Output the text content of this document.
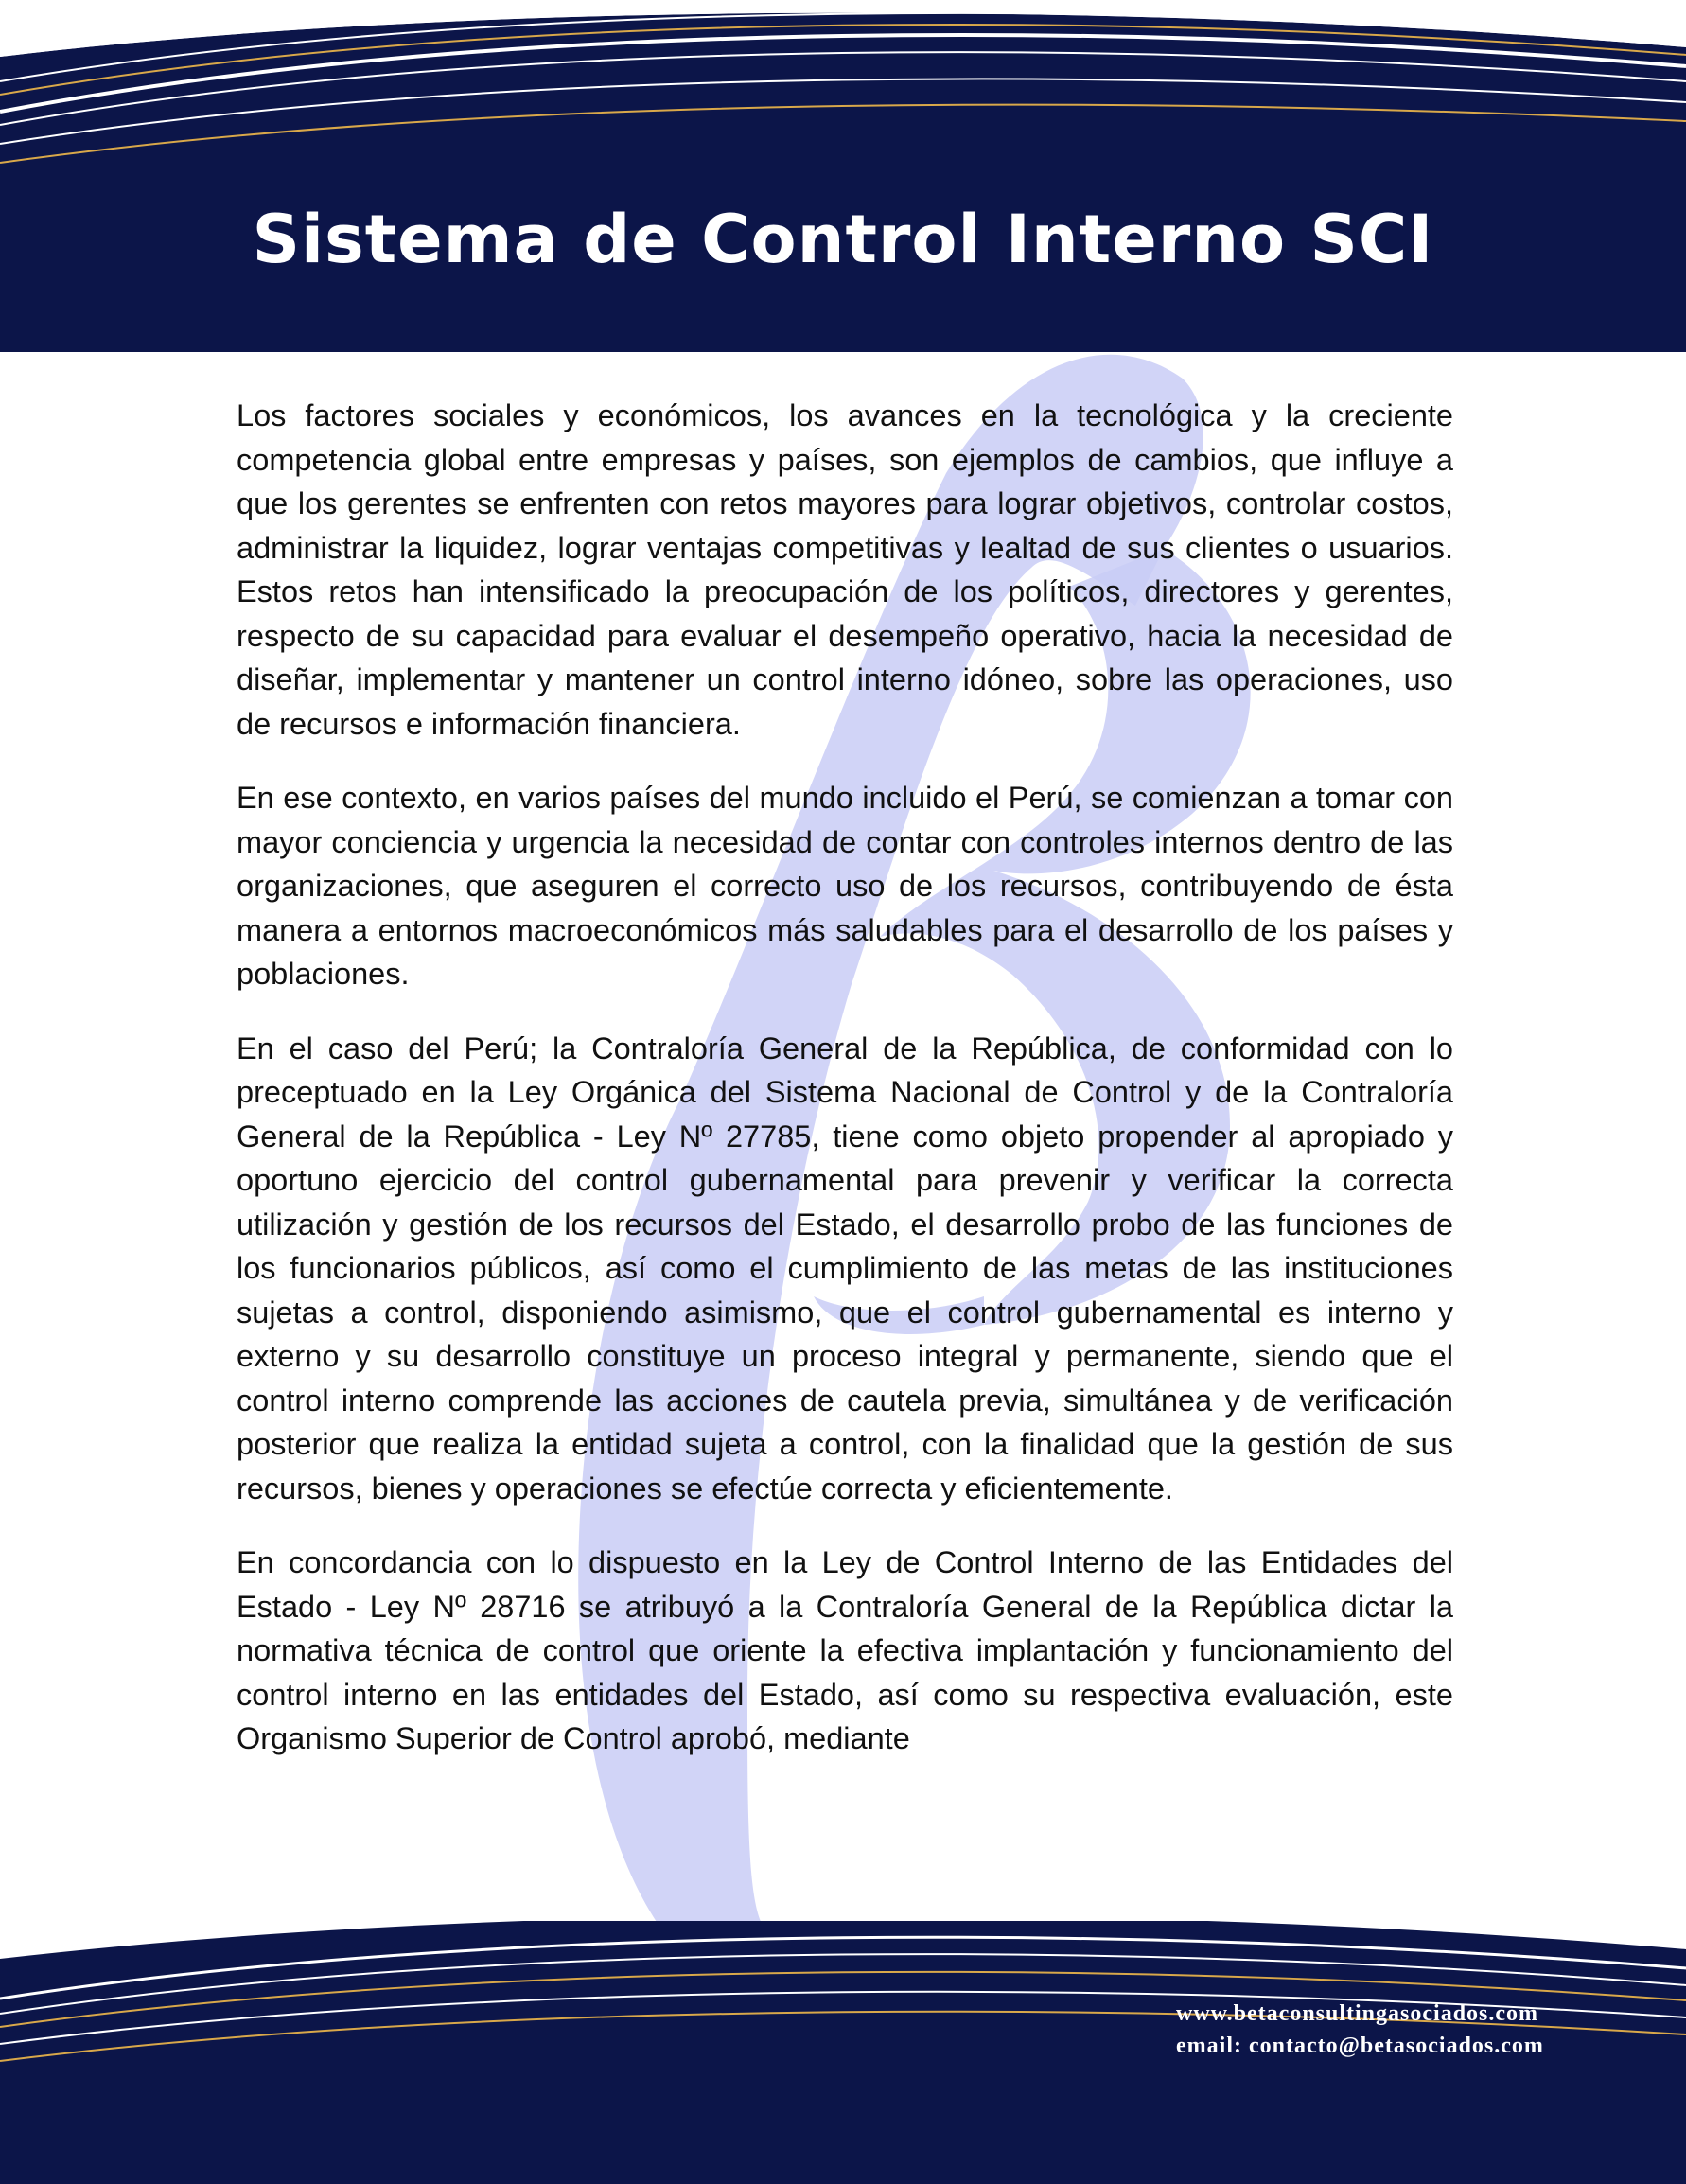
Sistema de Control Interno SCI

Los factores sociales y económicos, los avances en la tecnológica y la creciente competencia global entre empresas y países, son ejemplos de cambios, que influye a que los gerentes se enfrenten con retos mayores para lograr objetivos, controlar costos, administrar la liquidez, lograr ventajas competitivas y lealtad de sus clientes o usuarios. Estos retos han intensificado la preocupación de los políticos, directores y gerentes, respecto de su capacidad para evaluar el desempeño operativo, hacia la necesidad de diseñar, implementar y mantener un control interno idóneo, sobre las operaciones, uso de recursos e información financiera.

En ese contexto, en varios países del mundo incluido el Perú, se comienzan a tomar con mayor conciencia y urgencia la necesidad de contar con controles internos dentro de las organizaciones, que aseguren el correcto uso de los recursos, contribuyendo de ésta manera a entornos macroeconómicos más saludables para el desarrollo de los países y poblaciones.

En el caso del Perú; la Contraloría General de la República, de conformidad con lo preceptuado en la Ley Orgánica del Sistema Nacional de Control y de la Contraloría General de la República - Ley Nº 27785, tiene como objeto propender al apropiado y oportuno ejercicio del control gubernamental para prevenir y verificar la correcta utilización y gestión de los recursos del Estado, el desarrollo probo de las funciones de los funcionarios públicos, así como el cumplimiento de las metas de las instituciones sujetas a control, disponiendo asimismo, que el control gubernamental es interno y externo y su desarrollo constituye un proceso integral y permanente, siendo que el control interno comprende las acciones de cautela previa, simultánea y de verificación posterior que realiza la entidad sujeta a control, con la finalidad que la gestión de sus recursos, bienes y operaciones se efectúe correcta y eficientemente.

En concordancia con lo dispuesto en la Ley de Control Interno de las Entidades del Estado - Ley Nº 28716 se atribuyó a la Contraloría General de la República dictar la normativa técnica de control que oriente la efectiva implantación y funcionamiento del control interno en las entidades del Estado, así como su respectiva evaluación, este Organismo Superior de Control aprobó, mediante

www.betaconsultingasociados.com
email: contacto@betasociados.com
